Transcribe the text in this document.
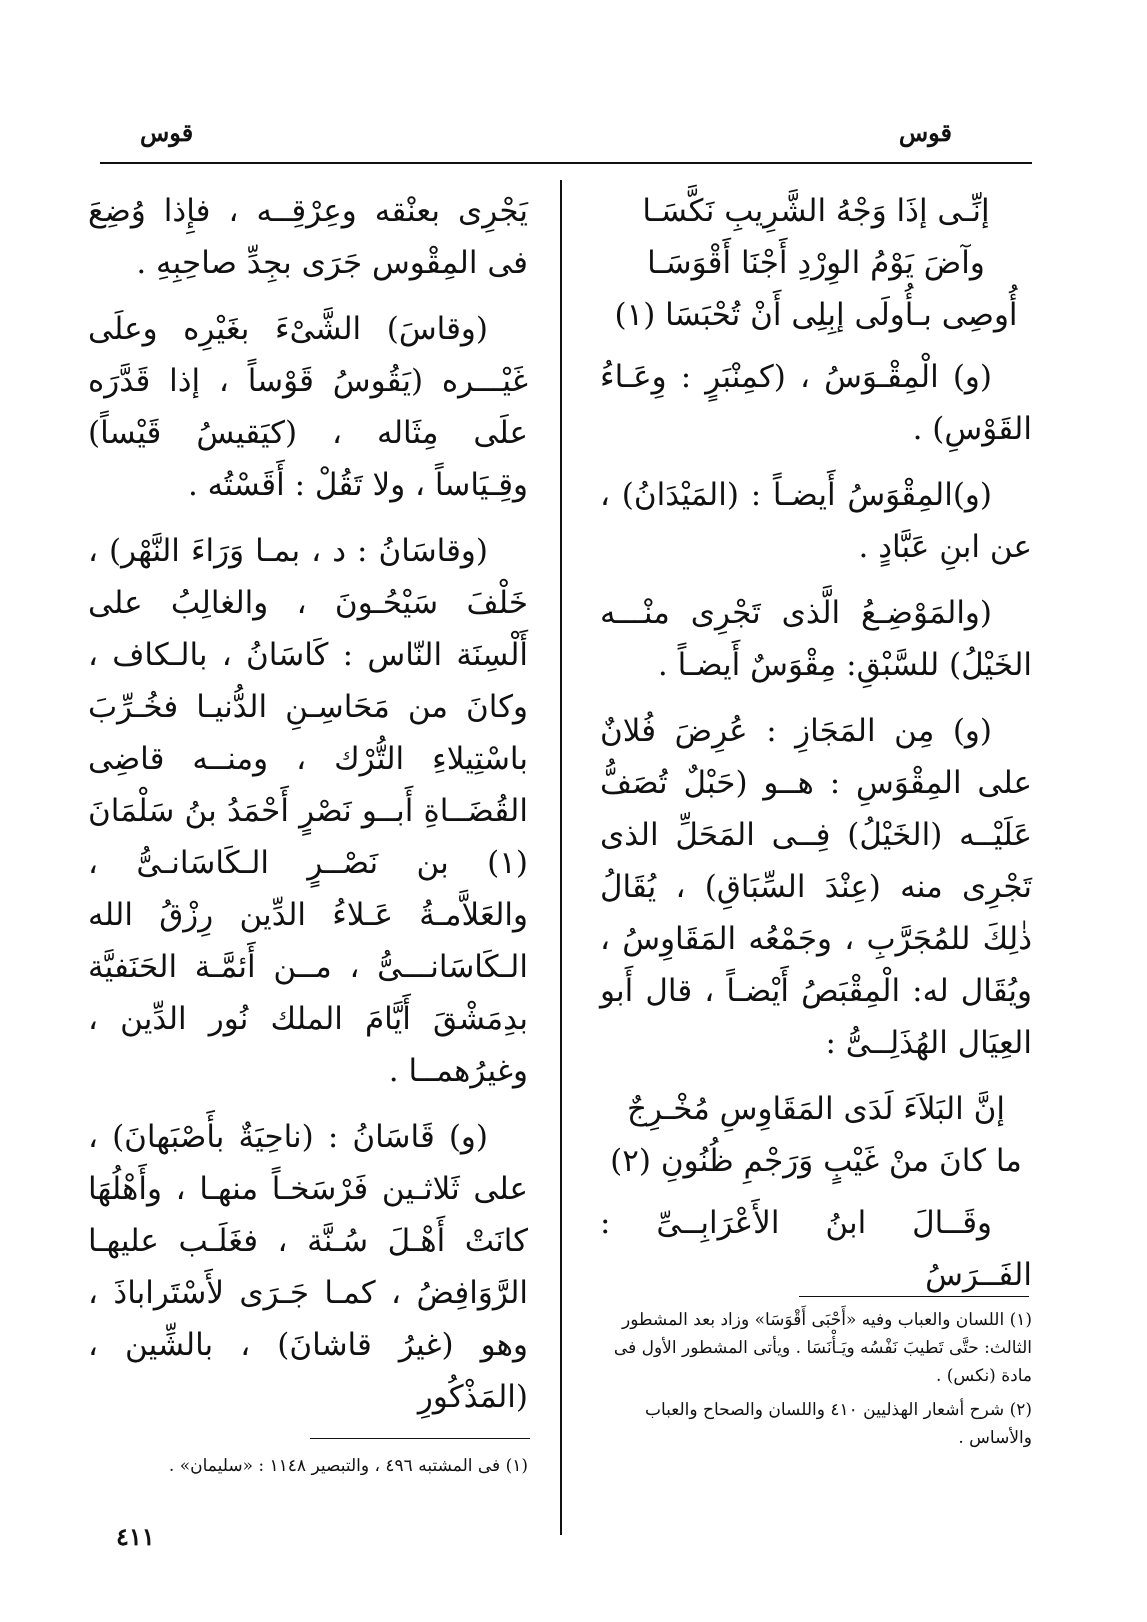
قوس
قوس
إنِّـى إذَا وَجْهُ الشَّرِيبِ نَكَّسَـا
وآضَ يَوْمُ الوِرْدِ أَجْنَا أَقْوَسَـا
أُوصِى بـأُولَى إبِلِى أَنْ تُحْبَسَا (١)

(و) الْمِقْـوَسُ ، (كمِنْبَرٍ : وِعَـاءُ القَوْسِ) .

(و)المِقْوَسُ أَيضـاً : (المَيْدَانُ) ، عن ابنِ عَبَّادٍ .

(والمَوْضِـعُ الَّذى تَجْرِى منْـــه الخَيْلُ) للسَّبْقِ: مِقْوَسٌ أَيضـاً .

(و) مِن المَجَازِ : عُرِضَ فُلانٌ على المِقْوَسِ : هــو (حَبْلٌ تُصَفُّ عَلَيْــه (الخَيْلُ) فِــى المَحَلِّ الذى تَجْرِى منه (عِنْدَ السِّبَاقِ) ، يُقَالُ ذٰلِكَ للمُجَرَّبِ ، وجَمْعُه المَقَاوِسُ ، ويُقَال له: الْمِقْبَصُ أَيْضـاً ، قال أَبو العِيَال الهُذَلِــىُّ :

إنَّ البَلاَءَ لَدَى المَقَاوِسِ مُخْـرِجٌ
ما كانَ منْ غَيْبٍ وَرَجْمِ ظُنُونِ (٢)

وقَــالَ ابنُ الأَعْرَابِــىِّ : الفَــرَسُ

يَجْرِى بعنْقه وعِرْقِــه ، فإِذا وُضِعَ فى المِقْوس جَرَى بجِدِّ صاحِبِهِ .

(وقاسَ) الشَّىْءَ بغَيْرِه وعلَى غَيْـــره (يَقُوسُ قَوْساً ، إذا قَدَّرَه علَى مِثَاله ، (كيَقيسُ قَيْساً) وقِـيَاساً ، ولا تَقُلْ : أَقَسْتُه .

(وقاسَانُ : د ، بمـا وَرَاءَ النَّهْر) ، خَلْفَ سَيْحُـونَ ، والغالِبُ على أَلْسِنَة النّاس : كَاسَانُ ، بالـكاف ، وكانَ من مَحَاسِـنِ الدُّنيـا فخُـرِّبَ باسْتِيلاءِ التُّرْك ، ومنــه قاضِى القُضَــاةِ أَبــو نَصْرٍ أَحْمَدُ بنُ سَلْمَانَ (١) بن نَصْــرٍ الـكَاسَانـىُّ ، والعَلاَّمـةُ عَـلاءُ الدِّين رِزْقُ الله الـكَاسَانـــىُّ ، مــن أَئمَّـة الحَنَفيَّة بدِمَشْقَ أَيَّامَ الملك نُور الدِّين ، وغيرُهمــا .

(و) قَاسَانُ : (ناحِيَةٌ بأَصْبَهانَ) ، على ثَلاثـين فَرْسَخـاً منهـا ، وأَهْلُهَا كانَتْ أَهْـلَ سُـنَّة ، فغَلَـب عليهـا الرَّوَافِضُ ، كمـا جَـرَى لأَسْتَراباذَ ، وهو (غيرُ قاشانَ) ، بالشِّين ، (المَذْكُورِ

(١) اللسان والعباب وفيه «أَحْبَى أَقْوَسَا» وزاد بعد المشطور الثالث: حتَّى تَطيبَ نَفْسُه ويَـأْنَسَا . ويأتى المشطور الأول فى مادة (نكس) .
(٢) شرح أشعار الهذليين ٤١٠ واللسان والصحاح والعباب والأساس .
(١) فى المشتبه ٤٩٦ ، والتبصير ١١٤٨ : «سليمان» .
٤١١
